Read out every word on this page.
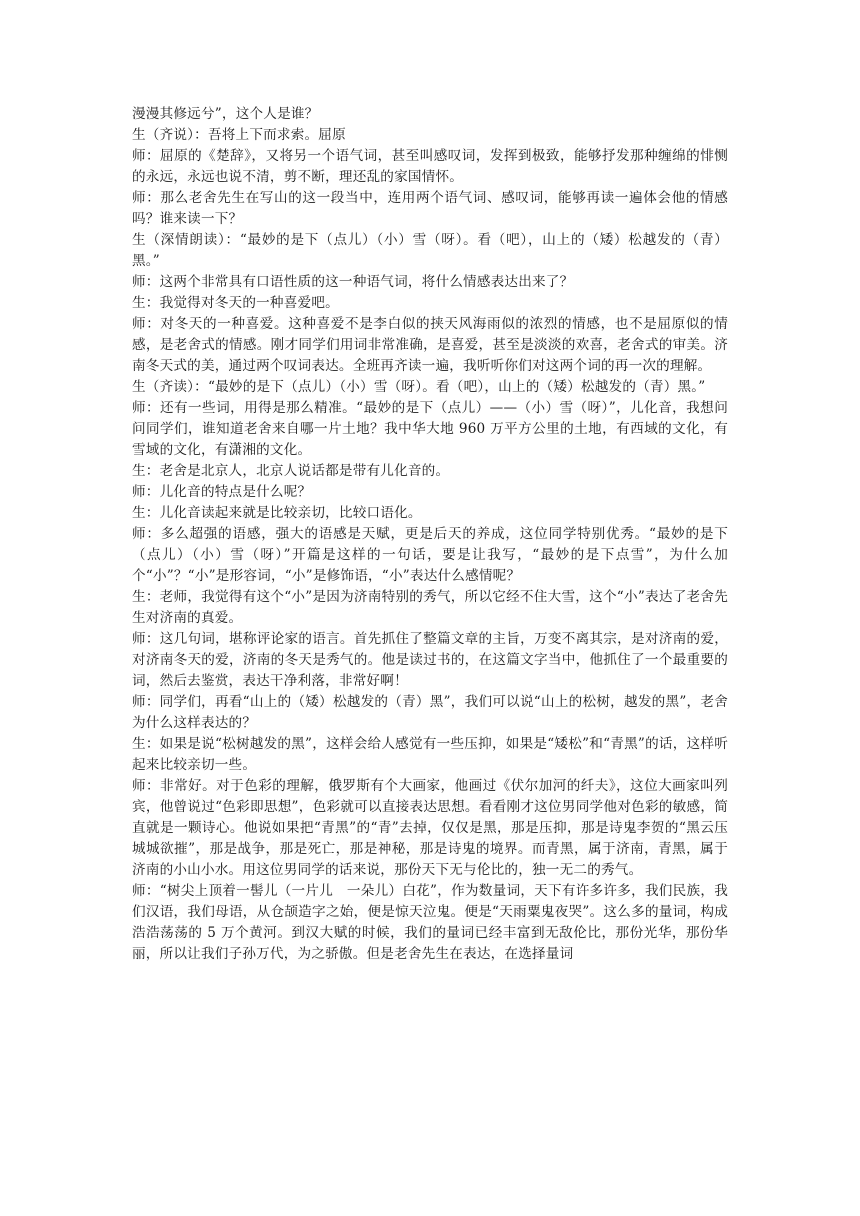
漫漫其修远兮”，这个人是谁？

生（齐说）：吾将上下而求索。屈原

师：屈原的《楚辞》，又将另一个语气词，甚至叫感叹词，发挥到极致，能够抒发那种缠绵的悱恻的永远，永远也说不清，剪不断，理还乱的家国情怀。

师：那么老舍先生在写山的这一段当中，连用两个语气词、感叹词，能够再读一遍体会他的情感吗？谁来读一下？

生（深情朗读）：“最妙的是下（点儿）（小）雪（呀）。看（吧），山上的（矮）松越发的（青）黑。”

师：这两个非常具有口语性质的这一种语气词，将什么情感表达出来了？

生：我觉得对冬天的一种喜爱吧。

师：对冬天的一种喜爱。这种喜爱不是李白似的挟天风海雨似的浓烈的情感，也不是屈原似的情感，是老舍式的情感。刚才同学们用词非常准确，是喜爱，甚至是淡淡的欢喜，老舍式的审美。济南冬天式的美，通过两个叹词表达。全班再齐读一遍，我听听你们对这两个词的再一次的理解。

生（齐读）：“最妙的是下（点儿）（小）雪（呀）。看（吧），山上的（矮）松越发的（青）黑。”

师：还有一些词，用得是那么精准。“最妙的是下（点儿）——（小）雪（呀）”，儿化音，我想问问同学们，谁知道老舍来自哪一片土地？我中华大地 960 万平方公里的土地，有西域的文化，有雪域的文化，有潇湘的文化。

生：老舍是北京人，北京人说话都是带有儿化音的。

师：儿化音的特点是什么呢？

生：儿化音读起来就是比较亲切，比较口语化。

师：多么超强的语感，强大的语感是天赋，更是后天的养成，这位同学特别优秀。“最妙的是下（点儿）（小）雪（呀）”开篇是这样的一句话，要是让我写，“最妙的是下点雪”，为什么加个“小”？“小”是形容词，“小”是修饰语，“小”表达什么感情呢？

生：老师，我觉得有这个“小”是因为济南特别的秀气，所以它经不住大雪，这个“小”表达了老舍先生对济南的真爱。

师：这几句词，堪称评论家的语言。首先抓住了整篇文章的主旨，万变不离其宗，是对济南的爱，对济南冬天的爱，济南的冬天是秀气的。他是读过书的，在这篇文字当中，他抓住了一个最重要的词，然后去鉴赏，表达干净利落，非常好啊！

师：同学们，再看“山上的（矮）松越发的（青）黑”，我们可以说“山上的松树，越发的黑”，老舍为什么这样表达的？

生：如果是说“松树越发的黑”，这样会给人感觉有一些压抑，如果是“矮松”和“青黑”的话，这样听起来比较亲切一些。

师：非常好。对于色彩的理解，俄罗斯有个大画家，他画过《伏尔加河的纤夫》，这位大画家叫列宾，他曾说过“色彩即思想”，色彩就可以直接表达思想。看看刚才这位男同学他对色彩的敏感，简直就是一颗诗心。他说如果把“青黑”的“青”去掉，仅仅是黑，那是压抑，那是诗鬼李贺的“黑云压城城欲摧”，那是战争，那是死亡，那是神秘，那是诗鬼的境界。而青黑，属于济南，青黑，属于济南的小山小水。用这位男同学的话来说，那份天下无与伦比的，独一无二的秀气。

师：“树尖上顶着一髻儿（一片儿　一朵儿）白花”，作为数量词，天下有许多许多，我们民族，我们汉语，我们母语，从仓颉造字之始，便是惊天泣鬼。便是“天雨粟鬼夜哭”。这么多的量词，构成浩浩荡荡的 5 万个黄河。到汉大赋的时候，我们的量词已经丰富到无敌伦比，那份光华，那份华丽，所以让我们子孙万代，为之骄傲。但是老舍先生在表达，在选择量词
